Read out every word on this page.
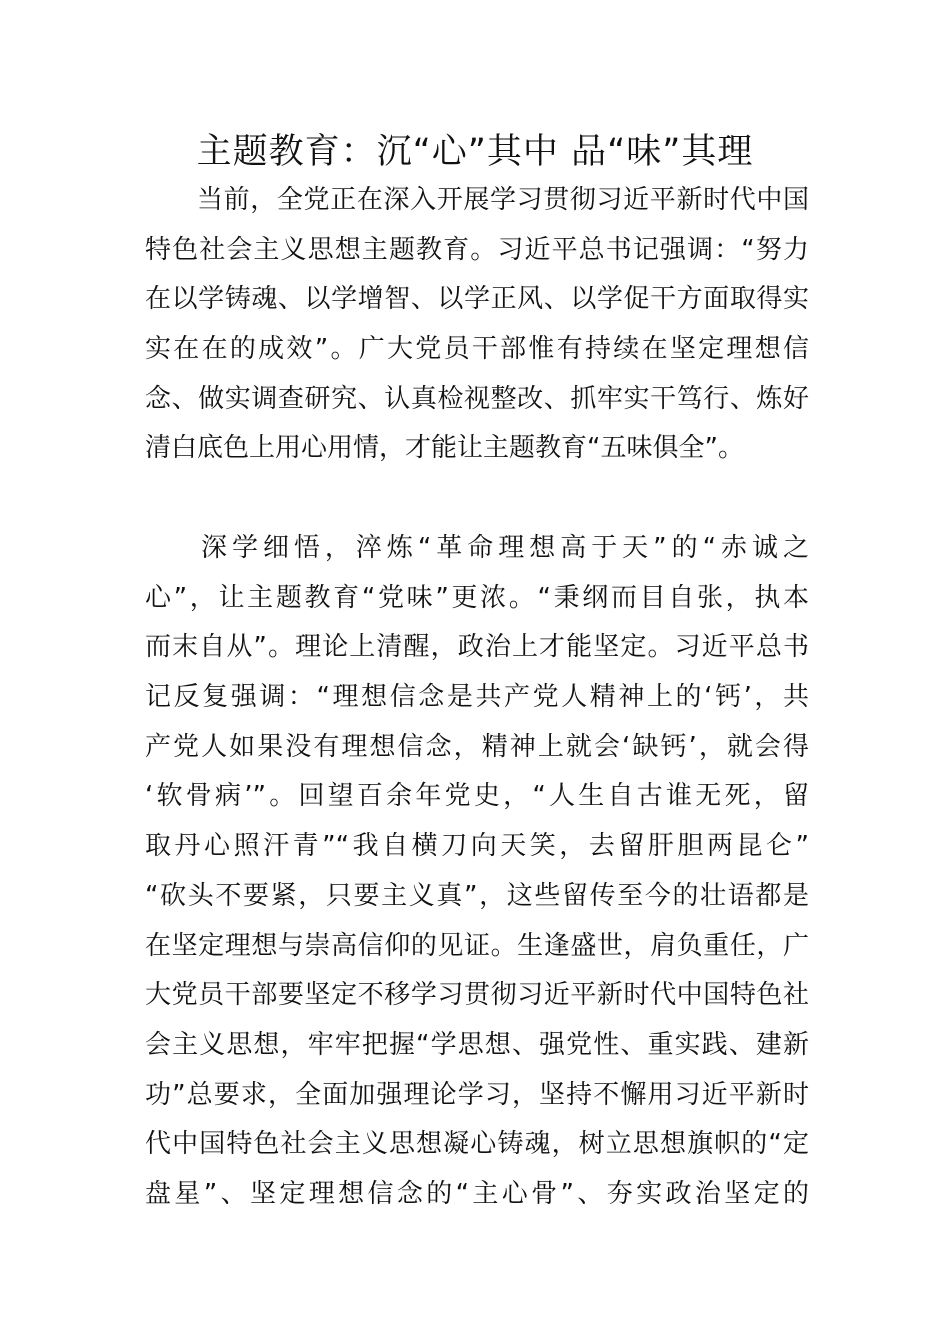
主题教育：沉“心”其中 品“味”其理
当前，全党正在深入开展学习贯彻习近平新时代中国
特色社会主义思想主题教育。习近平总书记强调：“努力
在以学铸魂、以学增智、以学正风、以学促干方面取得实
实在在的成效”。广大党员干部惟有持续在坚定理想信
念、做实调查研究、认真检视整改、抓牢实干笃行、炼好
清白底色上用心用情，才能让主题教育“五味俱全”。
深学细悟，淬炼“革命理想高于天”的“赤诚之
心”，让主题教育“党味”更浓。“秉纲而目自张，执本
而末自从”。理论上清醒，政治上才能坚定。习近平总书
记反复强调：“理想信念是共产党人精神上的‘钙’，共
产党人如果没有理想信念，精神上就会‘缺钙’，就会得
‘软骨病’”。回望百余年党史，“人生自古谁无死，留
取丹心照汗青”“我自横刀向天笑，去留肝胆两昆仑”
“砍头不要紧，只要主义真”，这些留传至今的壮语都是
在坚定理想与崇高信仰的见证。生逢盛世，肩负重任，广
大党员干部要坚定不移学习贯彻习近平新时代中国特色社
会主义思想，牢牢把握“学思想、强党性、重实践、建新
功”总要求，全面加强理论学习，坚持不懈用习近平新时
代中国特色社会主义思想凝心铸魂，树立思想旗帜的“定
盘星”、坚定理想信念的“主心骨”、夯实政治坚定的
